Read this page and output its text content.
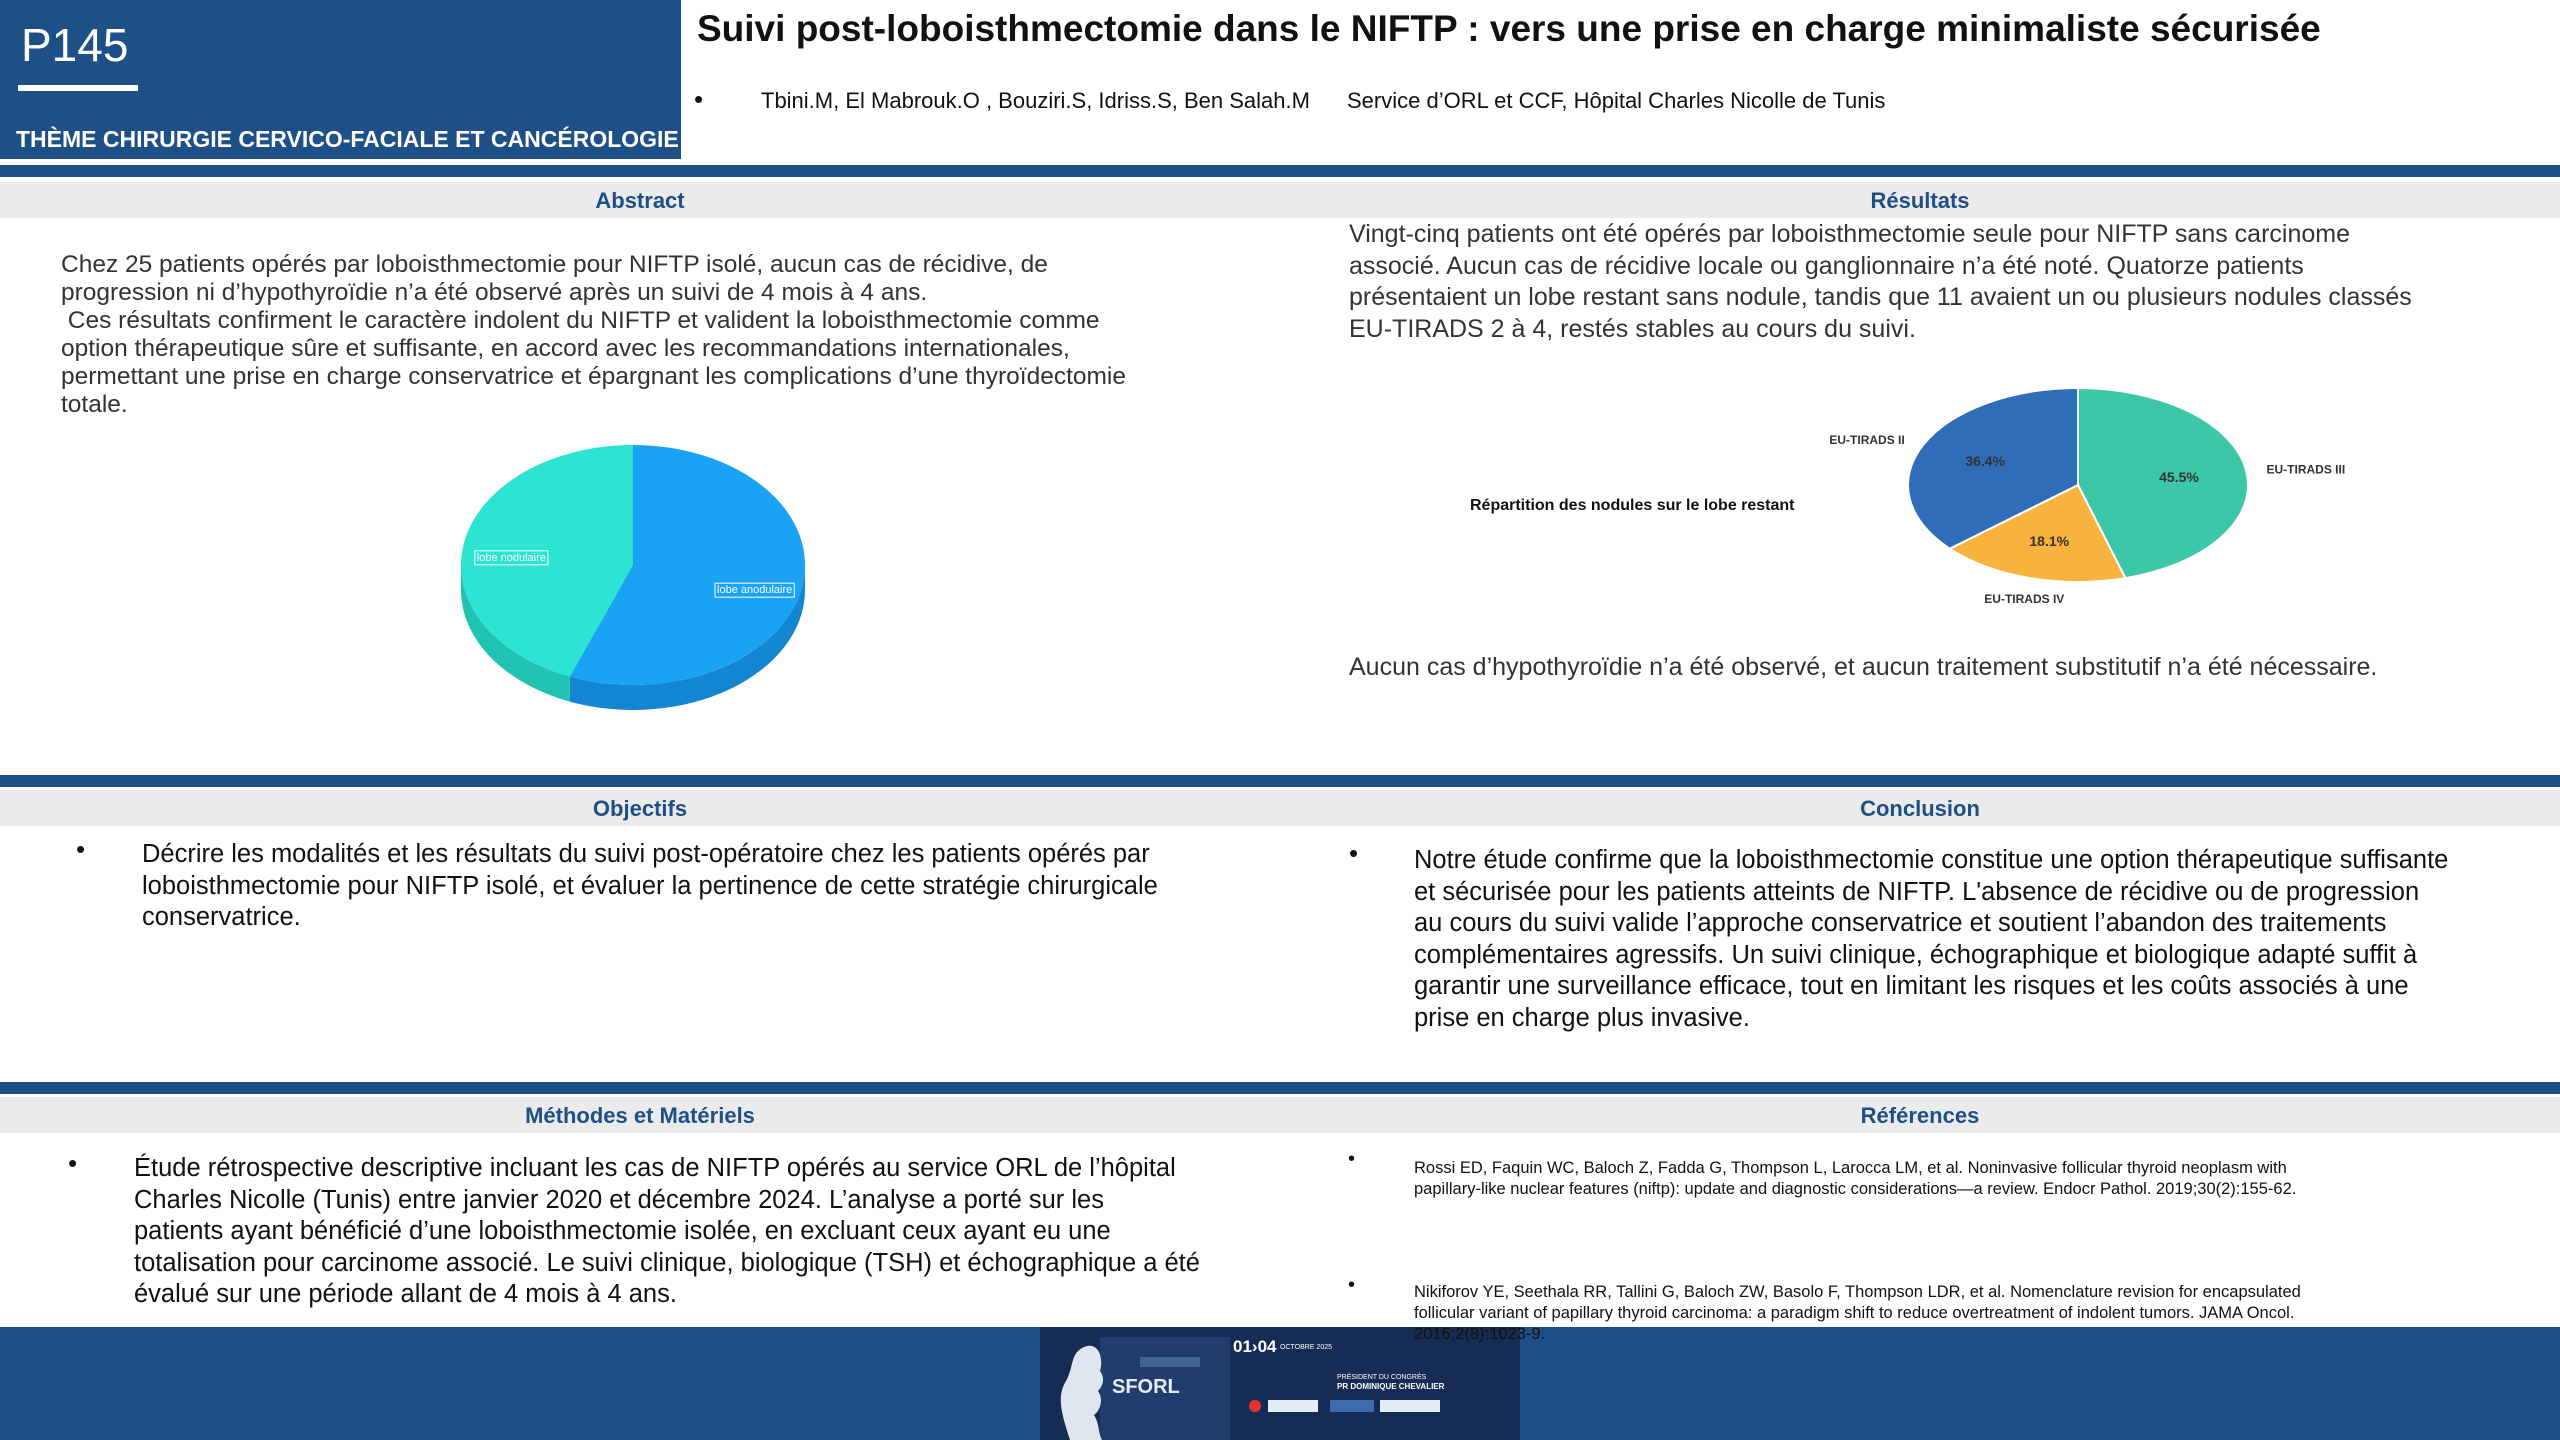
P145
THÈME CHIRURGIE CERVICO-FACIALE ET CANCÉROLOGIE
Suivi post-loboisthmectomie dans le NIFTP : vers une prise en charge minimaliste sécurisée
•	Tbini.M, El Mabrouk.O , Bouziri.S, Idriss.S, Ben Salah.M Service d’ORL et CCF, Hôpital Charles Nicolle de Tunis
Abstract
Chez 25 patients opérés par loboisthmectomie pour NIFTP isolé, aucun cas de récidive, de
progression ni d’hypothyroïdie n’a été observé après un suivi de 4 mois à 4 ans.
Ces résultats confirment le caractère indolent du NIFTP et valident la loboisthmectomie comme
option thérapeutique sûre et suffisante, en accord avec les recommandations internationales,
permettant une prise en charge conservatrice et épargnant les complications d’une thyroïdectomie
totale.
lobe anodulaire
lobe nodulaire
Résultats
Vingt-cinq patients ont été opérés par loboisthmectomie seule pour NIFTP sans carcinome
associé. Aucun cas de récidive locale ou ganglionnaire n’a été noté. Quatorze patients
présentaient un lobe restant sans nodule, tandis que 11 avaient un ou plusieurs nodules classés
EU-TIRADS 2 à 4, restés stables au cours du suivi.
45.5%	EU-TIRADS III
18.1%
EU-TIRADS IV
36.4%
EU-TIRADS II
Répartition des nodules sur le lobe restant
Aucun cas d’hypothyroïdie n’a été observé, et aucun traitement substitutif n’a été nécessaire.
Objectifs
• Décrire les modalités et les résultats du suivi post-opératoire chez les patients opérés par
loboisthmectomie pour NIFTP isolé, et évaluer la pertinence de cette stratégie chirurgicale
conservatrice.
Conclusion
• Notre étude confirme que la loboisthmectomie constitue une option thérapeutique suffisante
et sécurisée pour les patients atteints de NIFTP. L'absence de récidive ou de progression
au cours du suivi valide l’approche conservatrice et soutient l’abandon des traitements
complémentaires agressifs. Un suivi clinique, échographique et biologique adapté suffit à
garantir une surveillance efficace, tout en limitant les risques et les coûts associés à une
prise en charge plus invasive.
Méthodes et Matériels
• Étude rétrospective descriptive incluant les cas de NIFTP opérés au service ORL de l’hôpital
Charles Nicolle (Tunis) entre janvier 2020 et décembre 2024. L’analyse a porté sur les
patients ayant bénéficié d’une loboisthmectomie isolée, en excluant ceux ayant eu une
totalisation pour carcinome associé. Le suivi clinique, biologique (TSH) et échographique a été
évalué sur une période allant de 4 mois à 4 ans.
Références
•	Rossi ED, Faquin WC, Baloch Z, Fadda G, Thompson L, Larocca LM, et al. Noninvasive follicular thyroid neoplasm with
papillary-like nuclear features (niftp): update and diagnostic considerations—a review. Endocr Pathol. 2019;30(2):155-62.
•	Nikiforov YE, Seethala RR, Tallini G, Baloch ZW, Basolo F, Thompson LDR, et al. Nomenclature revision for encapsulated
follicular variant of papillary thyroid carcinoma: a paradigm shift to reduce overtreatment of indolent tumors. JAMA Oncol.
2016;2(8):1023-9.
01›04 OCTOBRE 2025
SFORL	PRÉSIDENT DU CONGRÈS
PR DOMINIQUE CHEVALIER
